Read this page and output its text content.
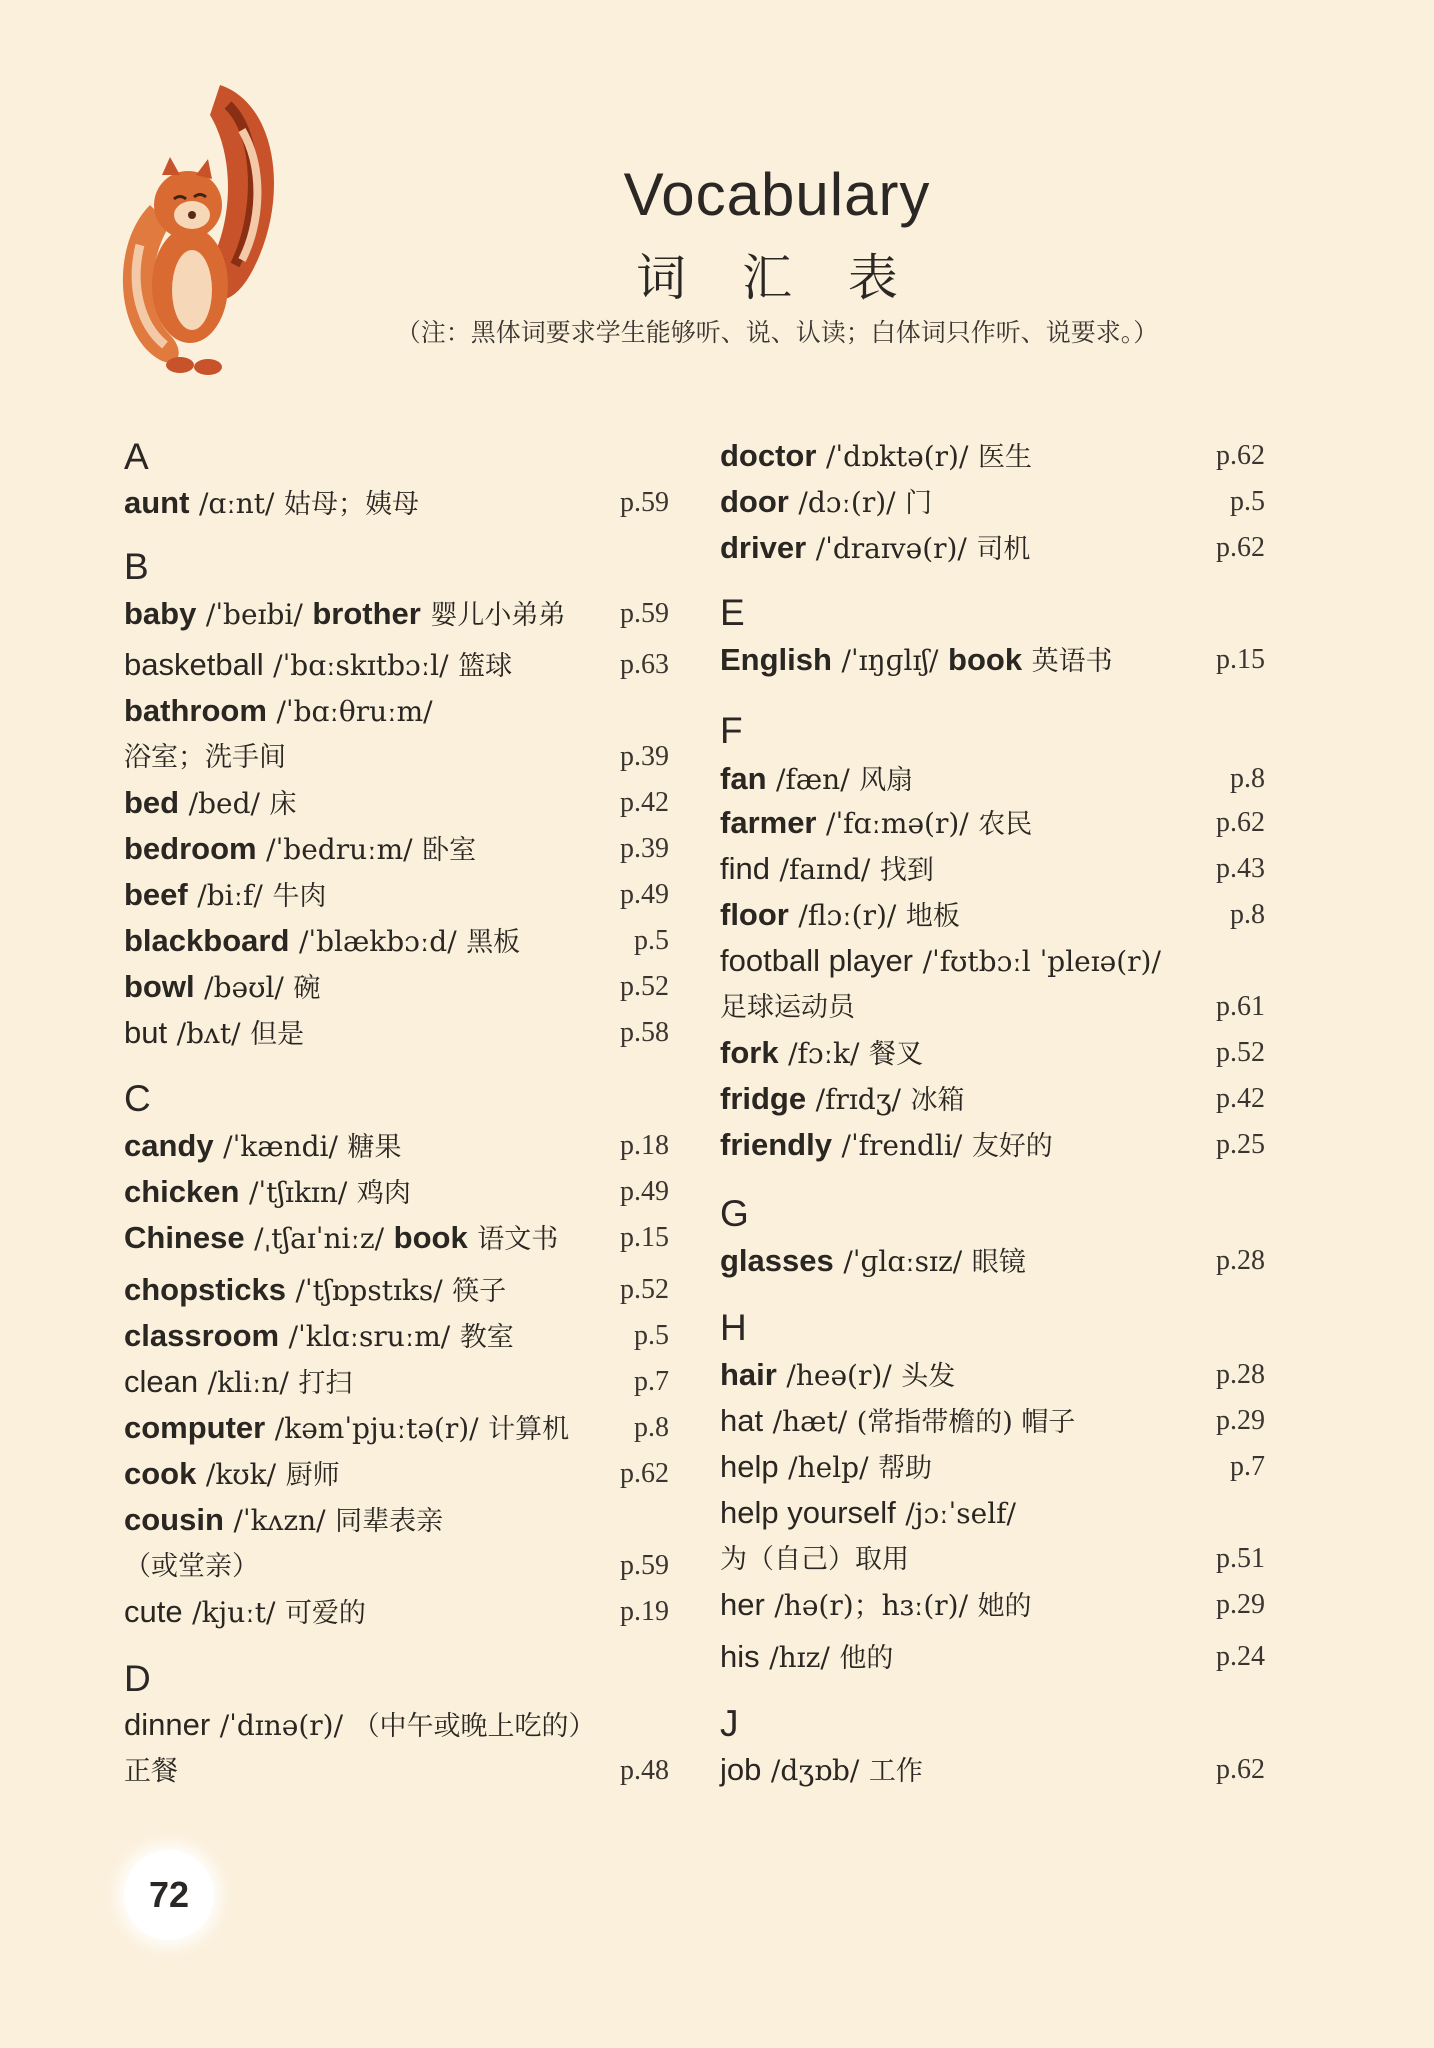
Vocabulary
词 汇 表
（注：黑体词要求学生能够听、说、认读；白体词只作听、说要求。）
A
aunt /ɑːnt/ 姑母；姨母	p.59
B
baby /ˈbeɪbi/ brother 婴儿小弟弟 p.59
basketball /ˈbɑːskɪtbɔːl/ 篮球	p.63
bathroom /ˈbɑːθruːm/
浴室；洗手间	p.39
bed /bed/ 床	p.42
bedroom /ˈbedruːm/ 卧室	p.39
beef /biːf/ 牛肉	p.49
blackboard /ˈblækbɔːd/ 黑板	p.5
bowl /bəʊl/ 碗	p.52
but /bʌt/ 但是	p.58
C
candy /ˈkændi/ 糖果	p.18
chicken /ˈtʃɪkɪn/ 鸡肉	p.49
Chinese /ˌtʃaɪˈniːz/ book 语文书 p.15
chopsticks /ˈtʃɒpstɪks/ 筷子	p.52
classroom /ˈklɑːsruːm/ 教室	p.5
clean /kliːn/ 打扫	p.7
computer /kəmˈpjuːtə(r)/ 计算机 p.8
cook /kʊk/ 厨师	p.62
cousin /ˈkʌzn/ 同辈表亲
（或堂亲）	p.59
cute /kjuːt/ 可爱的	p.19
D
dinner /ˈdɪnə(r)/ （中午或晚上吃的）
正餐	p.48
doctor /ˈdɒktə(r)/ 医生	p.62
door /dɔː(r)/ 门	p.5
driver /ˈdraɪvə(r)/ 司机	p.62
E
English /ˈɪŋɡlɪʃ/ book 英语书	p.15
F
fan /fæn/ 风扇	p.8
farmer /ˈfɑːmə(r)/ 农民	p.62
find /faɪnd/ 找到	p.43
floor /flɔː(r)/ 地板	p.8
football player /ˈfʊtbɔːl ˈpleɪə(r)/
足球运动员	p.61
fork /fɔːk/ 餐叉	p.52
fridge /frɪdʒ/ 冰箱	p.42
friendly /ˈfrendli/ 友好的	p.25
G
glasses /ˈɡlɑːsɪz/ 眼镜	p.28
H
hair /heə(r)/ 头发	p.28
hat /hæt/ (常指带檐的) 帽子	p.29
help /help/ 帮助	p.7
help yourself /jɔːˈself/
为（自己）取用	p.51
her /hə(r)；hɜː(r)/ 她的	p.29
his /hɪz/ 他的	p.24
J
job /dʒɒb/ 工作	p.62
72
